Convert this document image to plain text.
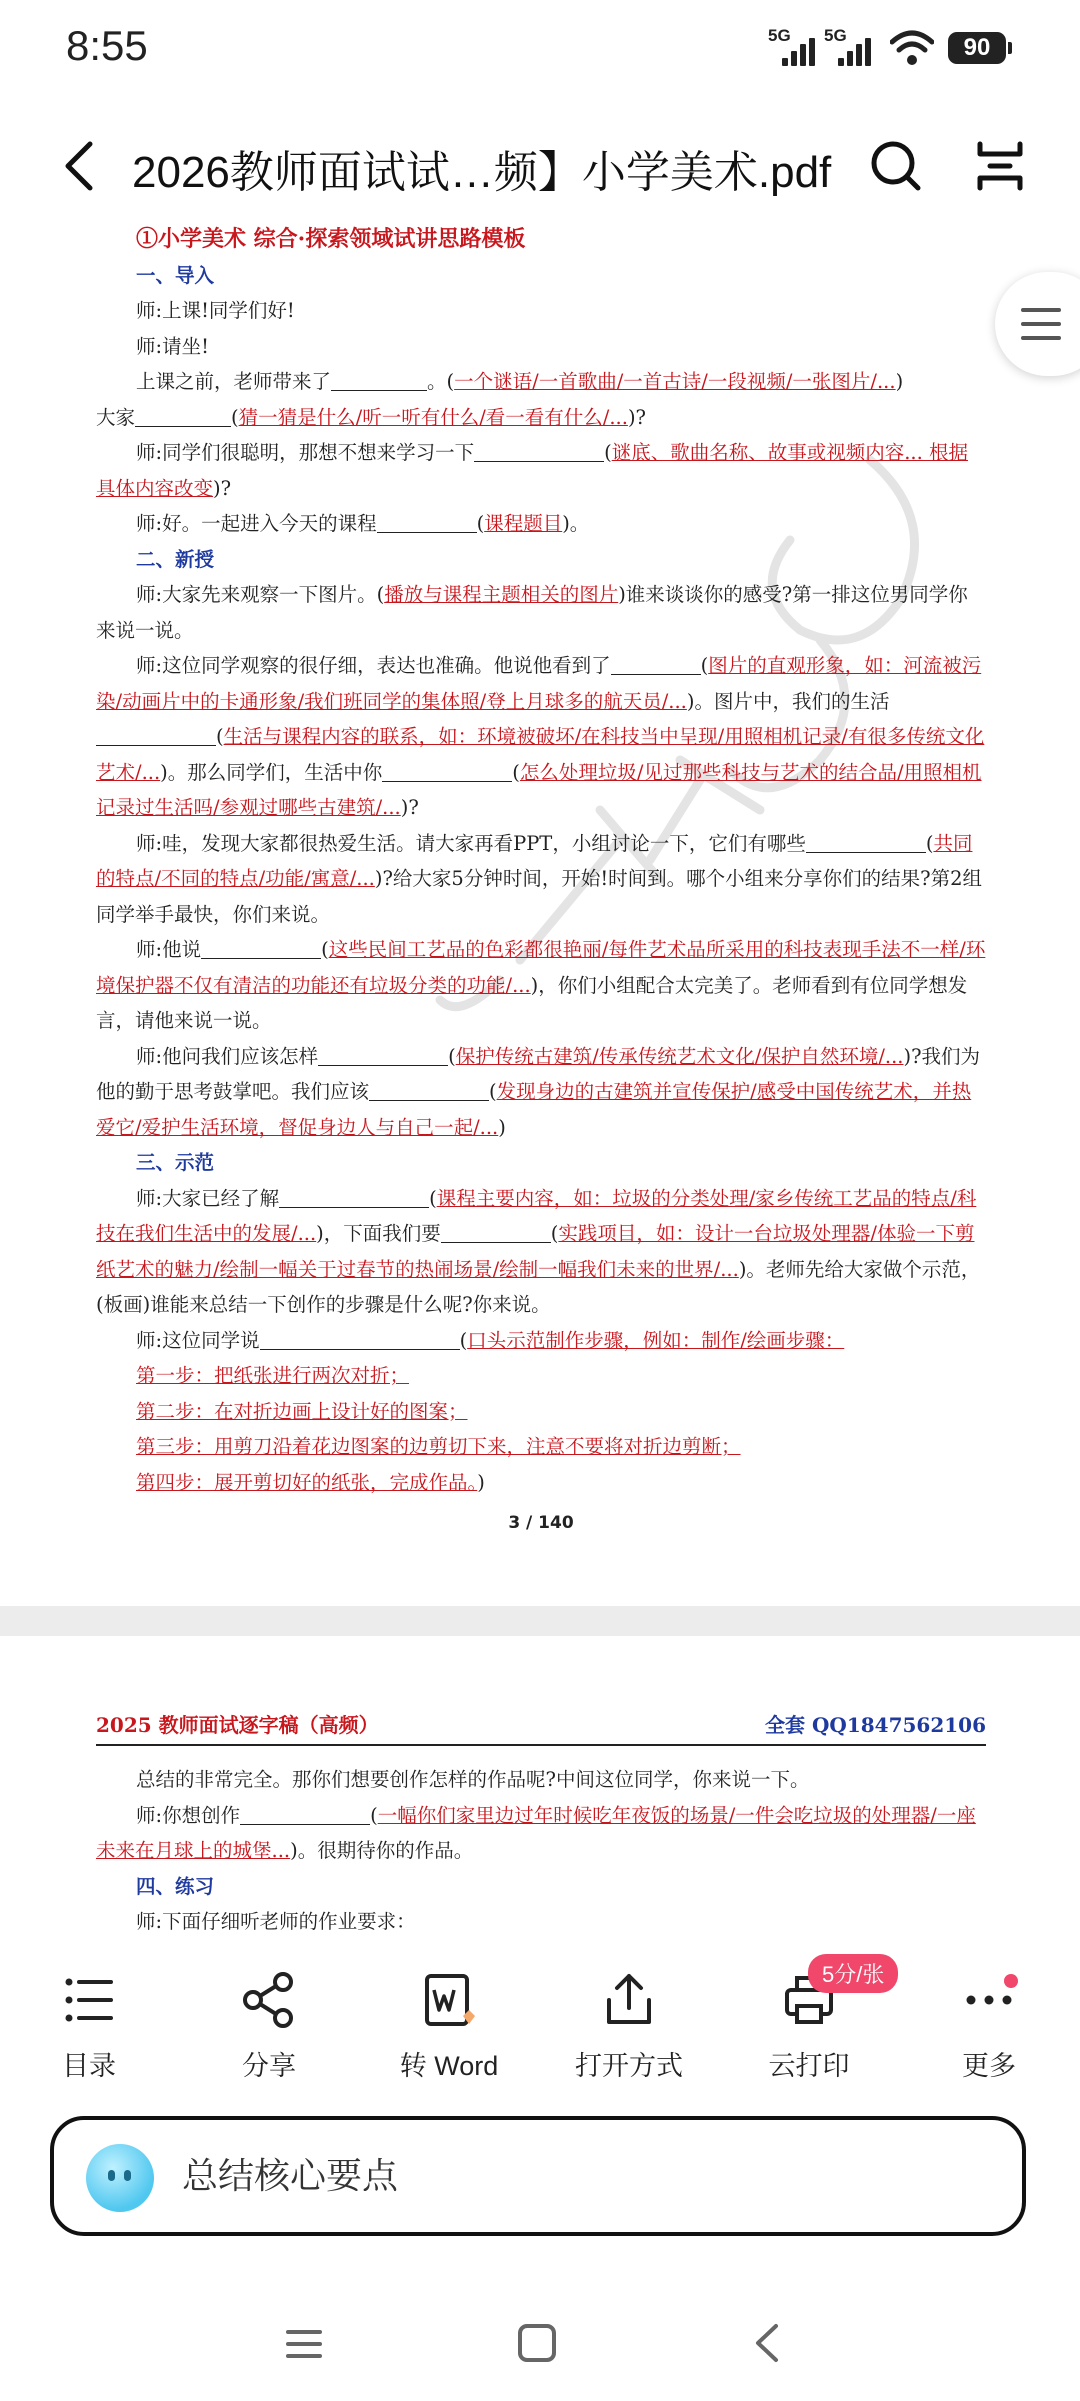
8:55	5G 5G	90
2026教师面试试…频】小学美术.pdf

①小学美术 综合·探索领域试讲思路模板

一、导入

师:上课!同学们好!

师:请坐!

上课之前，老师带来了	。(一个谜语/一首歌曲/一首古诗/一段视频/一张图片/...)

大家	(猜一猜是什么/听一听有什么/看一看有什么/...)?

师:同学们很聪明，那想不想来学习一下	(谜底、歌曲名称、故事或视频内容... 根据具体内容改变)?

师:好。一起进入今天的课程	(课程题目)。

二、新授

师:大家先来观察一下图片。(播放与课程主题相关的图片)谁来谈谈你的感受?第一排这位男同学你来说一说。

师:这位同学观察的很仔细，表达也准确。他说他看到了	(图片的直观形象，如：河流被污染/动画片中的卡通形象/我们班同学的集体照/登上月球多的航天员/...)。图片中，我们的生活(生活与课程内容的联系，如：环境被破坏/在科技当中呈现/用照相机记录/有很多传统文化艺术/...)。那么同学们，生活中你	(怎么处理垃圾/见过那些科技与艺术的结合品/用照相机记录过生活吗/参观过哪些古建筑/...)?

师:哇，发现大家都很热爱生活。请大家再看PPT，小组讨论一下，它们有哪些	(共同的特点/不同的特点/功能/寓意/...)?给大家5分钟时间，开始!时间到。哪个小组来分享你们的结果?第2组同学举手最快，你们来说。

师:他说	(这些民间工艺品的色彩都很艳丽/每件艺术品所采用的科技表现手法不一样/环境保护器不仅有清洁的功能还有垃圾分类的功能/...)，你们小组配合太完美了。老师看到有位同学想发言，请他来说一说。

师:他问我们应该怎样	(保护传统古建筑/传承传统艺术文化/保护自然环境/...)?我们为他的勤于思考鼓掌吧。我们应该	(发现身边的古建筑并宣传保护/感受中国传统艺术，并热爱它/爱护生活环境，督促身边人与自己一起/...)

三、示范

师:大家已经了解	(课程主要内容，如：垃圾的分类处理/家乡传统工艺品的特点/科技在我们生活中的发展/...)，下面我们要	(实践项目，如：设计一台垃圾处理器/体验一下剪纸艺术的魅力/绘制一幅关于过春节的热闹场景/绘制一幅我们未来的世界/...)。老师先给大家做个示范，(板画)谁能来总结一下创作的步骤是什么呢?你来说。

师:这位同学说	(口头示范制作步骤，例如：制作/绘画步骤：

第一步：把纸张进行两次对折；

第二步：在对折边画上设计好的图案；

第三步：用剪刀沿着花边图案的边剪切下来，注意不要将对折边剪断；

第四步：展开剪切好的纸张，完成作品。)

3 / 140

2025 教师面试逐字稿（高频）	全套 QQ1847562106

总结的非常完全。那你们想要创作怎样的作品呢?中间这位同学，你来说一下。

师:你想创作	(一幅你们家里边过年时候吃年夜饭的场景/一件会吃垃圾的处理器/一座未来在月球上的城堡...)。很期待你的作品。

四、练习

师:下面仔细听老师的作业要求：

目录	分享	转 Word	打开方式	云打印
5分/张
更多
总结核心要点
